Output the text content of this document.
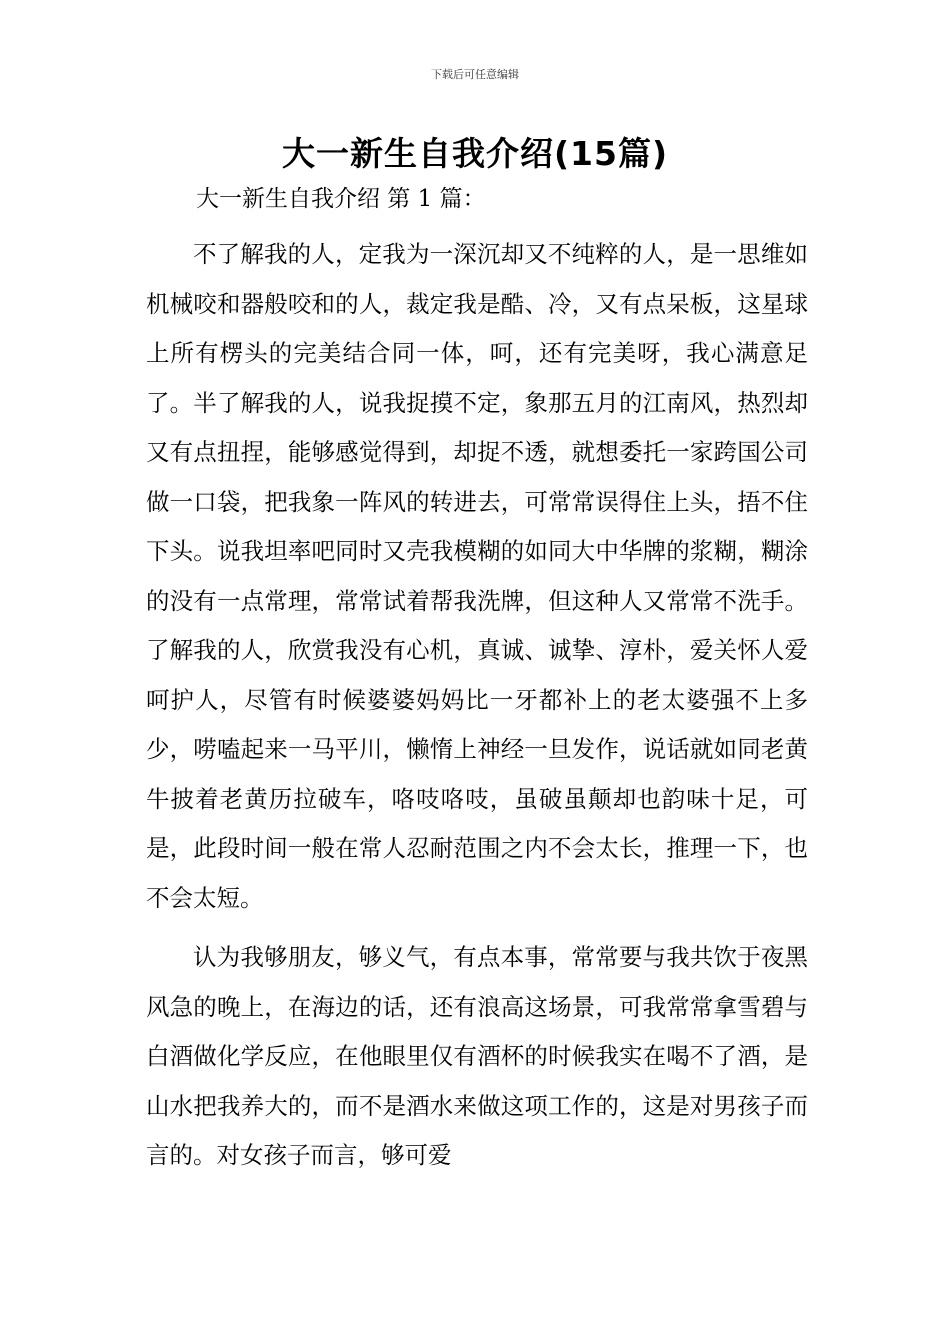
下载后可任意编辑
大一新生自我介绍(15篇)
大一新生自我介绍 第 1 篇：

不了解我的人，定我为一深沉却又不纯粹的人，是一思维如机械咬和器般咬和的人，裁定我是酷、冷，又有点呆板，这星球上所有楞头的完美结合同一体，呵，还有完美呀，我心满意足了。半了解我的人，说我捉摸不定，象那五月的江南风，热烈却又有点扭捏，能够感觉得到，却捉不透，就想委托一家跨国公司做一口袋，把我象一阵风的转进去，可常常误得住上头，捂不住下头。说我坦率吧同时又壳我模糊的如同大中华牌的浆糊，糊涂的没有一点常理，常常试着帮我洗牌，但这种人又常常不洗手。了解我的人，欣赏我没有心机，真诚、诚挚、淳朴，爱关怀人爱呵护人，尽管有时候婆婆妈妈比一牙都补上的老太婆强不上多少，唠嗑起来一马平川，懒惰上神经一旦发作，说话就如同老黄牛披着老黄历拉破车，咯吱咯吱，虽破虽颠却也韵味十足，可是，此段时间一般在常人忍耐范围之内不会太长，推理一下，也不会太短。

认为我够朋友，够义气，有点本事，常常要与我共饮于夜黑风急的晚上，在海边的话，还有浪高这场景，可我常常拿雪碧与白酒做化学反应，在他眼里仅有酒杯的时候我实在喝不了酒，是山水把我养大的，而不是酒水来做这项工作的，这是对男孩子而言的。对女孩子而言，够可爱
